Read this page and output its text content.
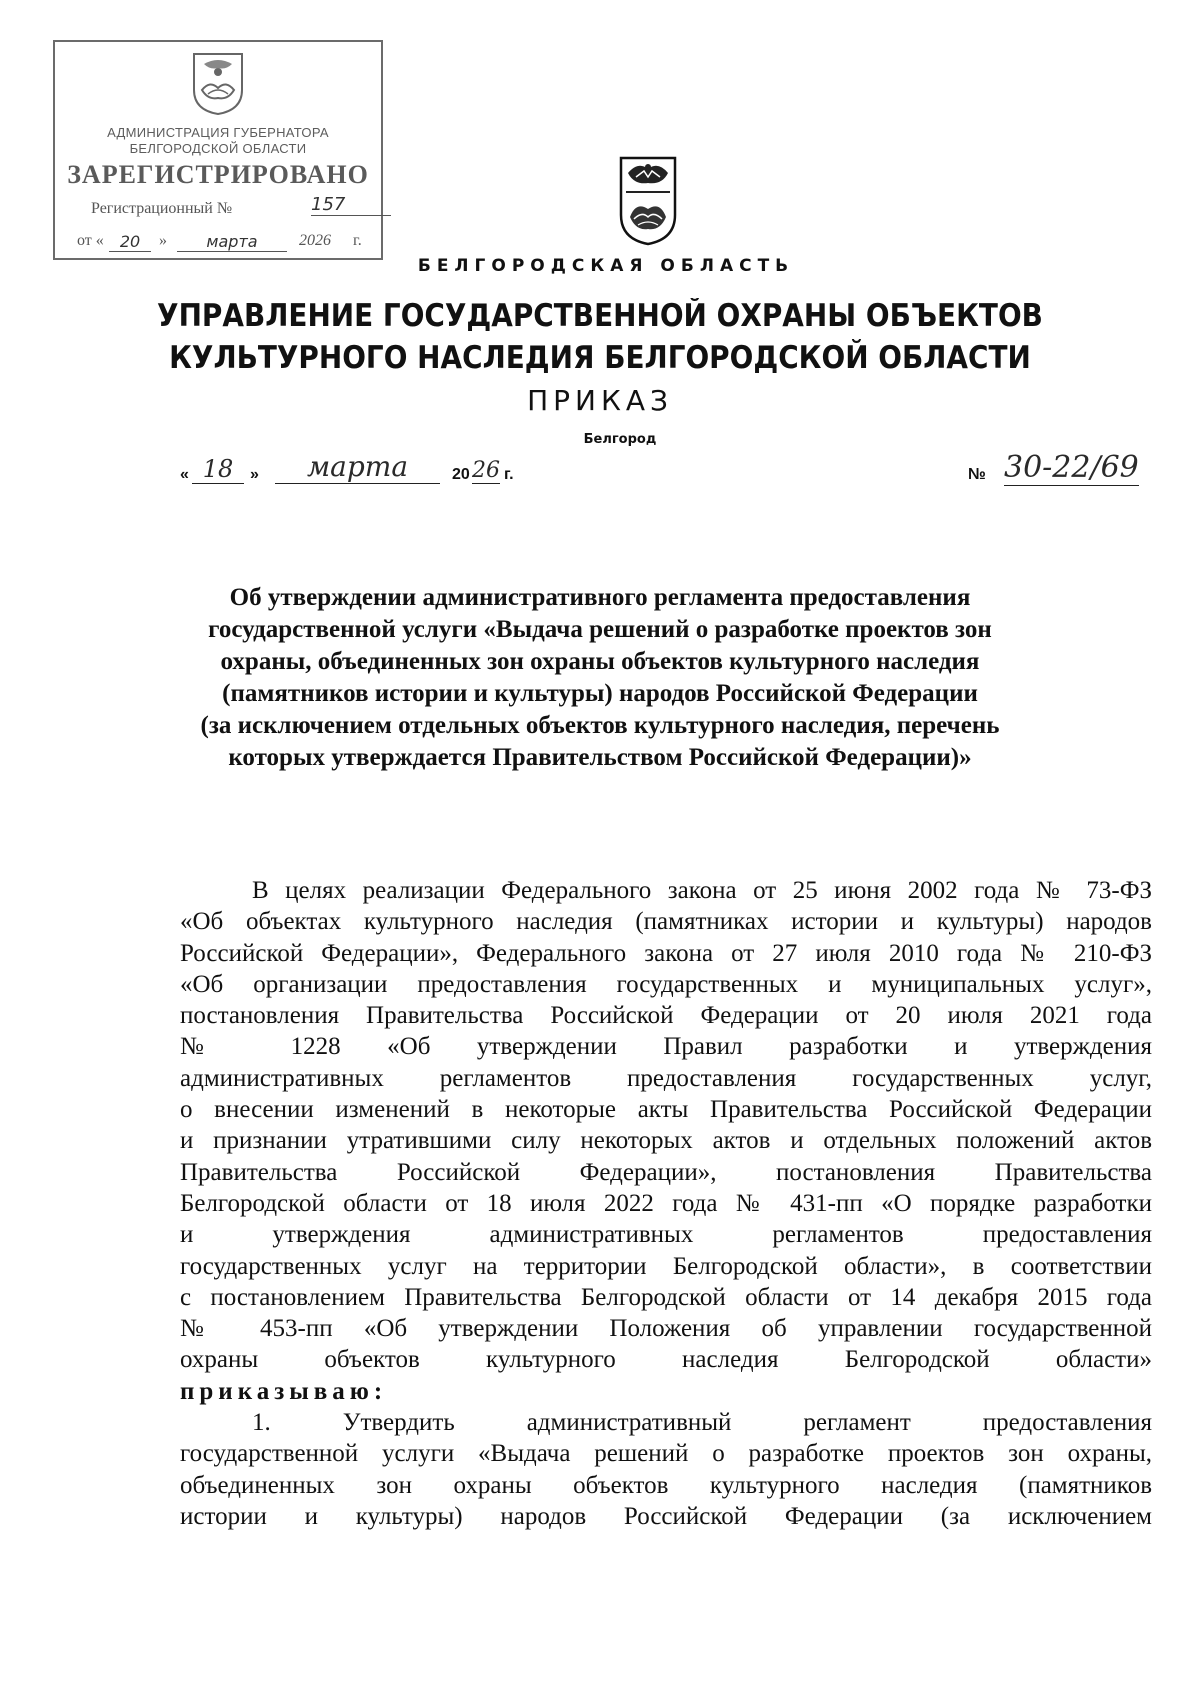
АДМИНИСТРАЦИЯ ГУБЕРНАТОРА
БЕЛГОРОДСКОЙ ОБЛАСТИ
ЗАРЕГИСТРИРОВАНО
Регистрационный №	157
от «	20	»	марта	2026 г.
БЕЛГОРОДСКАЯ ОБЛАСТЬ
УПРАВЛЕНИЕ ГОСУДАРСТВЕННОЙ ОХРАНЫ ОБЪЕКТОВ
КУЛЬТУРНОГО НАСЛЕДИЯ БЕЛГОРОДСКОЙ ОБЛАСТИ
ПРИКАЗ
Белгород
« 18	»	марта	20 26 г.	№ 30-22/69
Об утверждении административного регламента предоставления
государственной услуги «Выдача решений о разработке проектов зон
охраны, объединенных зон охраны объектов культурного наследия
(памятников истории и культуры) народов Российской Федерации
(за исключением отдельных объектов культурного наследия, перечень
которых утверждается Правительством Российской Федерации)»
В целях реализации Федерального закона от 25 июня 2002 года № 73-ФЗ
«Об объектах культурного наследия (памятниках истории и культуры) народов
Российской Федерации», Федерального закона от 27 июля 2010 года № 210-ФЗ
«Об организации предоставления государственных и муниципальных услуг»,
постановления Правительства Российской Федерации от 20 июля 2021 года
№ 1228 «Об утверждении Правил разработки и утверждения
административных регламентов предоставления государственных услуг,
о внесении изменений в некоторые акты Правительства Российской Федерации
и признании утратившими силу некоторых актов и отдельных положений актов
Правительства Российской Федерации», постановления Правительства
Белгородской области от 18 июля 2022 года № 431-пп «О порядке разработки
и утверждения административных регламентов предоставления
государственных услуг на территории Белгородской области», в соответствии
с постановлением Правительства Белгородской области от 14 декабря 2015 года
№ 453-пп «Об утверждении Положения об управлении государственной
охраны объектов культурного наследия Белгородской области»
приказываю:
1. Утвердить административный регламент предоставления
государственной услуги «Выдача решений о разработке проектов зон охраны,
объединенных зон охраны объектов культурного наследия (памятников
истории и культуры) народов Российской Федерации (за исключением
